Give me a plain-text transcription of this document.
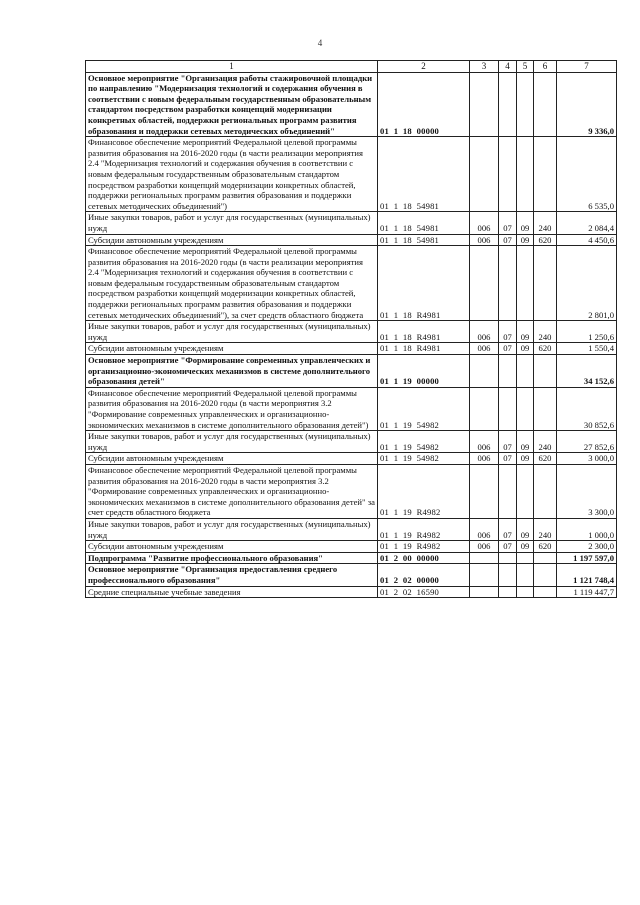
4
1	2	3	4	5	6	7
Основное мероприятие "Организация работы стажировочной площадки по направлению "Модернизация технологий и содержания обучения в соответствии с новым федеральным государственным образовательным стандартом посредством разработки концепций модернизации конкретных областей, поддержки региональных программ развития образования и поддержки сетевых методических объединений"	01  1  18  00000					9 336,0
Финансовое обеспечение мероприятий Федеральной целевой программы развития образования на 2016-2020 годы (в части реализации мероприятия 2.4 "Модернизация технологий и содержания обучения в соответствии с новым федеральным государственным образовательным стандартом посредством разработки концепций модернизации конкретных областей, поддержки региональных программ развития образования и поддержки сетевых методических объединений")	01  1  18  54981					6 535,0
Иные закупки товаров, работ и услуг для государственных (муниципальных) нужд	01  1  18  54981	006	07	09	240	2 084,4
Субсидии автономным учреждениям	01  1  18  54981	006	07	09	620	4 450,6
Финансовое обеспечение мероприятий Федеральной целевой программы развития образования на 2016-2020 годы (в части реализации мероприятия 2.4 "Модернизация технологий и содержания обучения в соответствии с новым федеральным государственным образовательным стандартом посредством разработки концепций модернизации конкретных областей, поддержки региональных программ развития образования и поддержки сетевых методических объединений"), за счет средств областного бюджета	01  1  18  R4981					2 801,0
Иные закупки товаров, работ и услуг для государственных (муниципальных) нужд	01  1  18  R4981	006	07	09	240	1 250,6
Субсидии автономным учреждениям	01  1  18  R4981	006	07	09	620	1 550,4
Основное мероприятие "Формирование современных управленческих и организационно-экономических механизмов в системе дополнительного образования детей"	01  1  19  00000					34 152,6
Финансовое обеспечение мероприятий Федеральной целевой программы развития образования на 2016-2020 годы (в части мероприятия 3.2 "Формирование современных управленческих и организационно-экономических механизмов в системе дополнительного образования детей")	01  1  19  54982					30 852,6
Иные закупки товаров, работ и услуг для государственных (муниципальных) нужд	01  1  19  54982	006	07	09	240	27 852,6
Субсидии автономным учреждениям	01  1  19  54982	006	07	09	620	3 000,0
Финансовое обеспечение мероприятий Федеральной целевой программы развития образования на 2016-2020 годы в части мероприятия 3.2 "Формирование современных управленческих и организационно-экономических механизмов в системе дополнительного образования детей" за счет средств областного бюджета	01  1  19  R4982					3 300,0
Иные закупки товаров, работ и услуг для государственных (муниципальных) нужд	01  1  19  R4982	006	07	09	240	1 000,0
Субсидии автономным учреждениям	01  1  19  R4982	006	07	09	620	2 300,0
Подпрограмма "Развитие профессионального образования"	01  2  00  00000					1 197 597,0
Основное мероприятие "Организация предоставления среднего профессионального образования"	01  2  02  00000					1 121 748,4
Средние специальные учебные заведения	01  2  02  16590					1 119 447,7
